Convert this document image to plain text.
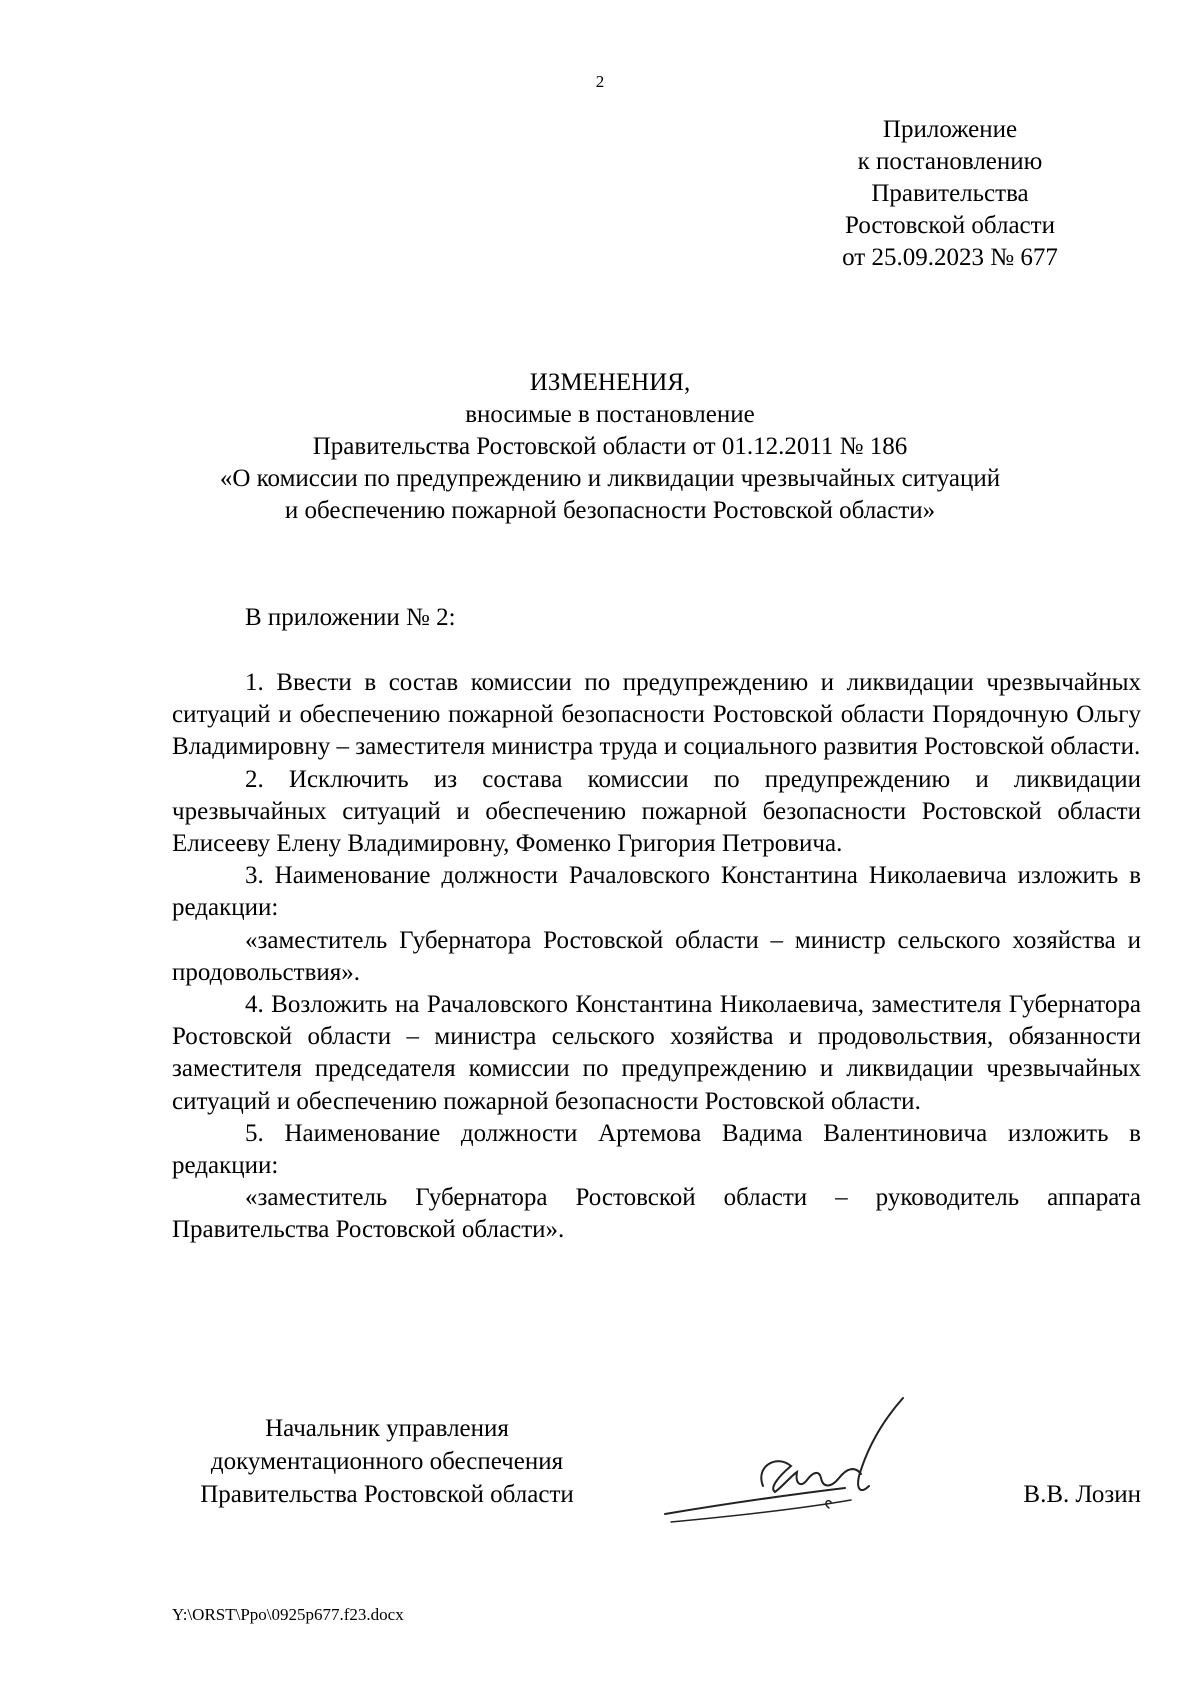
2
Приложение
к постановлению
Правительства
Ростовской области
от 25.09.2023 № 677
ИЗМЕНЕНИЯ,
вносимые в постановление
Правительства Ростовской области от 01.12.2011 № 186
«О комиссии по предупреждению и ликвидации чрезвычайных ситуаций
и обеспечению пожарной безопасности Ростовской области»
В приложении № 2:

1. Ввести в состав комиссии по предупреждению и ликвидации чрезвычайных ситуаций и обеспечению пожарной безопасности Ростовской области Порядочную Ольгу Владимировну – заместителя министра труда и социального развития Ростовской области.

2. Исключить из состава комиссии по предупреждению и ликвидации чрезвычайных ситуаций и обеспечению пожарной безопасности Ростовской области Елисееву Елену Владимировну, Фоменко Григория Петровича.

3. Наименование должности Рачаловского Константина Николаевича изложить в редакции:

«заместитель Губернатора Ростовской области – министр сельского хозяйства и продовольствия».

4. Возложить на Рачаловского Константина Николаевича, заместителя Губернатора Ростовской области – министра сельского хозяйства и продовольствия, обязанности заместителя председателя комиссии по предупреждению и ликвидации чрезвычайных ситуаций и обеспечению пожарной безопасности Ростовской области.

5. Наименование должности Артемова Вадима Валентиновича изложить в редакции:

«заместитель Губернатора Ростовской области – руководитель аппарата Правительства Ростовской области».

Начальник управления
документационного обеспечения
Правительства Ростовской области	В.В. Лозин
Y:\ORST\Ppo\0925p677.f23.docx
